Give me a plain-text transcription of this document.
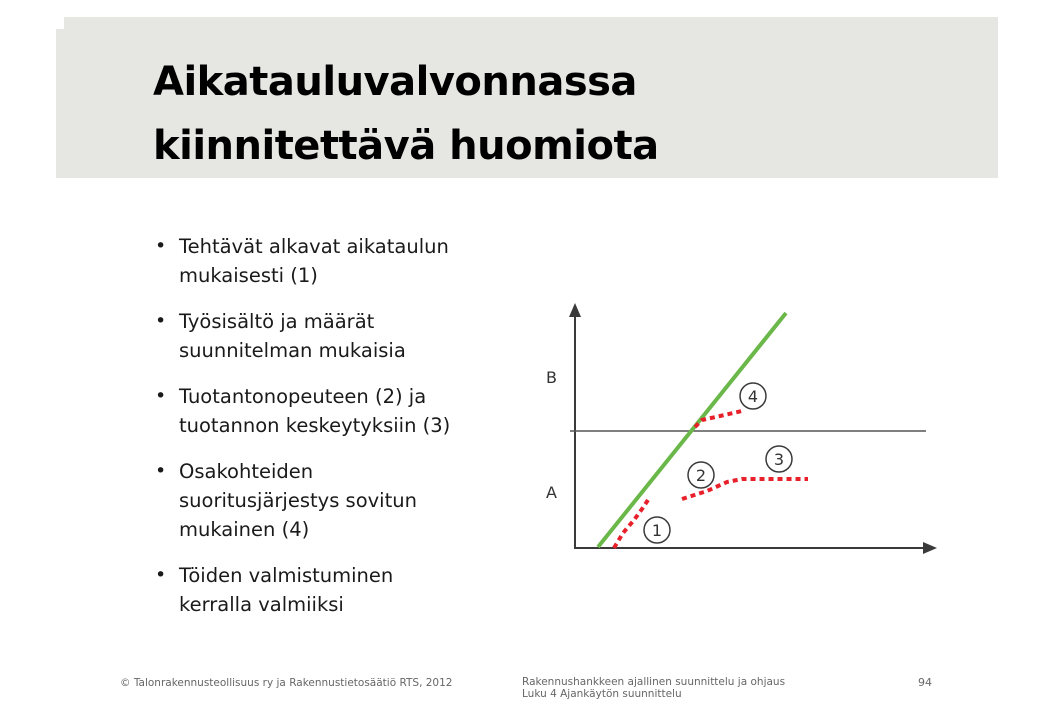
Aikatauluvalvonnassa
kiinnitettävä huomiota
• Tehtävät alkavat aikataulun
mukaisesti (1)
• Työsisältö ja määrät
suunnitelman mukaisia
• Tuotantonopeuteen (2) ja
tuotannon keskeytyksiin (3)
• Osakohteiden
suoritusjärjestys sovitun
mukainen (4)
• Töiden valmistuminen
kerralla valmiiksi
B
A
1
2
3
4
© Talonrakennusteollisuus ry ja Rakennustietosäätiö RTS, 2012	Rakennushankkeen ajallinen suunnittelu ja ohjaus
Luku 4 Ajankäytön suunnittelu
94
